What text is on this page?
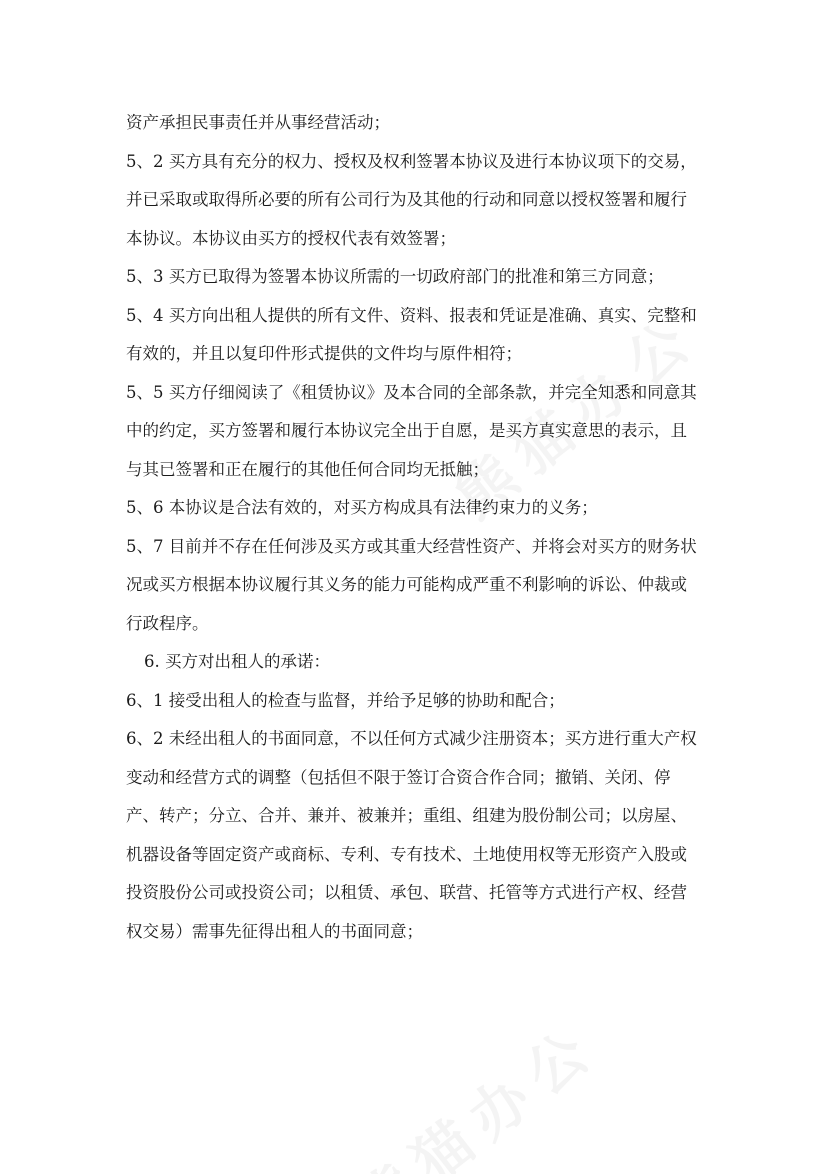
资产承担民事责任并从事经营活动；
5、2 买方具有充分的权力、授权及权利签署本协议及进行本协议项下的交易，
并已采取或取得所必要的所有公司行为及其他的行动和同意以授权签署和履行
本协议。本协议由买方的授权代表有效签署；
5、3 买方已取得为签署本协议所需的一切政府部门的批准和第三方同意；
5、4 买方向出租人提供的所有文件、资料、报表和凭证是准确、真实、完整和
有效的，并且以复印件形式提供的文件均与原件相符；
5、5 买方仔细阅读了《租赁协议》及本合同的全部条款，并完全知悉和同意其
中的约定，买方签署和履行本协议完全出于自愿，是买方真实意思的表示，且
与其已签署和正在履行的其他任何合同均无抵触；
5、6 本协议是合法有效的，对买方构成具有法律约束力的义务；
5、7 目前并不存在任何涉及买方或其重大经营性资产、并将会对买方的财务状
况或买方根据本协议履行其义务的能力可能构成严重不利影响的诉讼、仲裁或
行政程序。
6. 买方对出租人的承诺：
6、1 接受出租人的检查与监督，并给予足够的协助和配合；
6、2 未经出租人的书面同意，不以任何方式减少注册资本；买方进行重大产权
变动和经营方式的调整（包括但不限于签订合资合作合同；撤销、关闭、停
产、转产；分立、合并、兼并、被兼并；重组、组建为股份制公司；以房屋、
机器设备等固定资产或商标、专利、专有技术、土地使用权等无形资产入股或
投资股份公司或投资公司；以租赁、承包、联营、托管等方式进行产权、经营
权交易）需事先征得出租人的书面同意；
